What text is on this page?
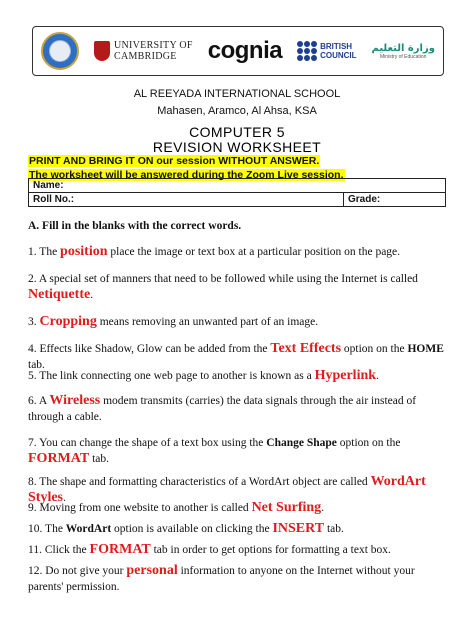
UNIVERSITY OF
CAMBRIDGE	cognia	BRITISH
COUNCIL
وزارة التعليم
Ministry of Education
AL REEYADA INTERNATIONAL SCHOOL
Mahasen, Aramco, Al Ahsa, KSA
COMPUTER 5
REVISION WORKSHEET
PRINT AND BRING IT ON our session WITHOUT ANSWER.
The worksheet will be answered during the Zoom Live session.
Name:
Roll No.:	Grade:
A. Fill in the blanks with the correct words.
1. The position place the image or text box at a particular position on the page.
2. A special set of manners that need to be followed while using the Internet is called Netiquette.
3. Cropping means removing an unwanted part of an image.
4. Effects like Shadow, Glow can be added from the Text Effects option on the HOME tab.
5. The link connecting one web page to another is known as a Hyperlink.
6. A Wireless modem transmits (carries) the data signals through the air instead of through a cable.
7. You can change the shape of a text box using the Change Shape option on the FORMAT tab.
8. The shape and formatting characteristics of a WordArt object are called WordArt Styles.
9. Moving from one website to another is called Net Surfing.
10. The WordArt option is available on clicking the INSERT tab.
11. Click the FORMAT tab in order to get options for formatting a text box.
12. Do not give your personal information to anyone on the Internet without your parents' permission.
